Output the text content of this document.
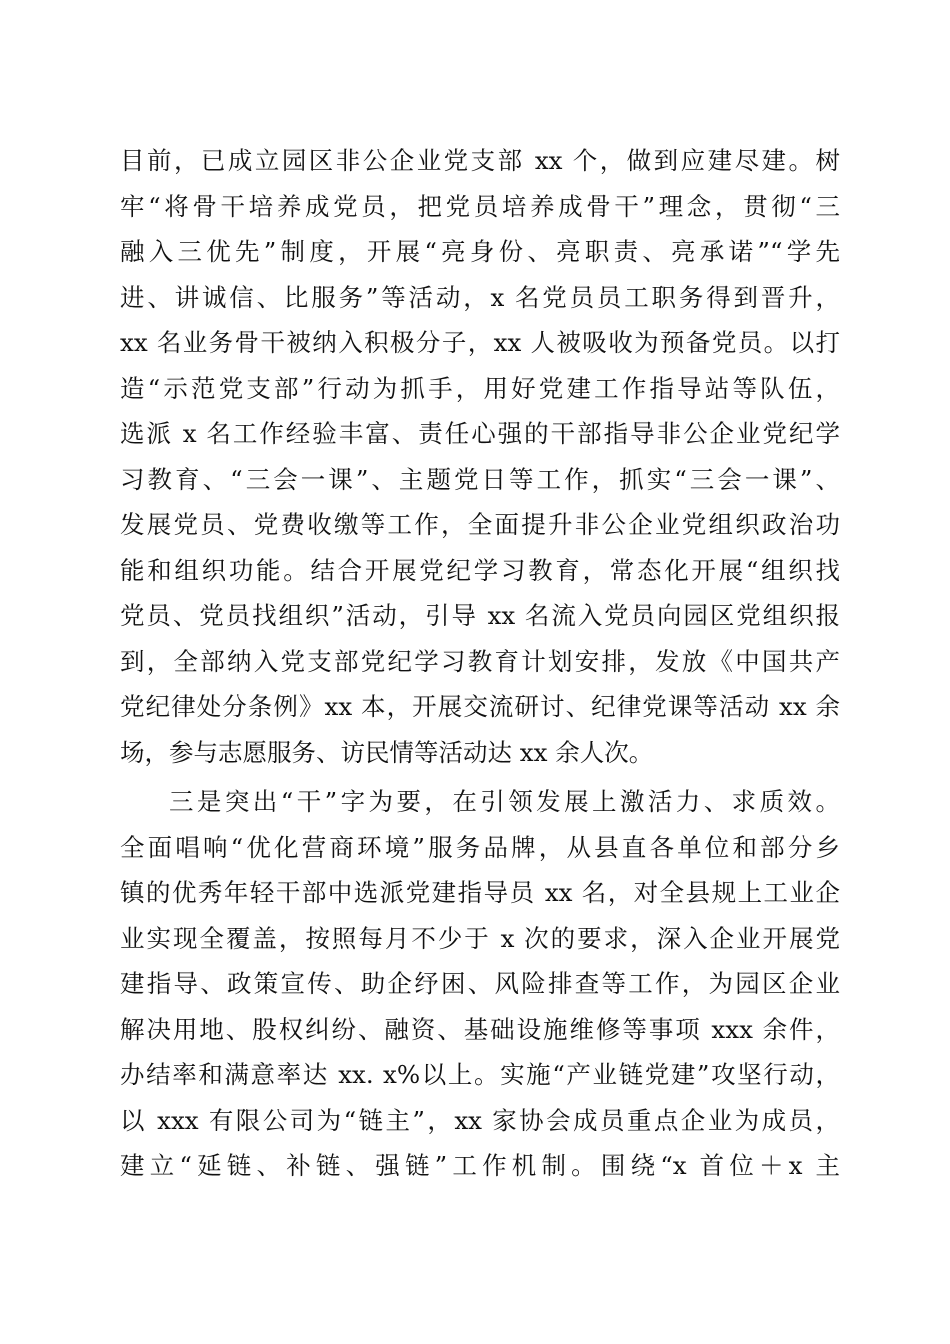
目前，已成立园区非公企业党支部 xx 个，做到应建尽建。树
牢“将骨干培养成党员，把党员培养成骨干”理念，贯彻“三
融入三优先”制度，开展“亮身份、亮职责、亮承诺”“学先
进、讲诚信、比服务”等活动，x 名党员员工职务得到晋升，
xx 名业务骨干被纳入积极分子，xx 人被吸收为预备党员。以打
造“示范党支部”行动为抓手，用好党建工作指导站等队伍，
选派 x 名工作经验丰富、责任心强的干部指导非公企业党纪学
习教育、“三会一课”、主题党日等工作，抓实“三会一课”、
发展党员、党费收缴等工作，全面提升非公企业党组织政治功
能和组织功能。结合开展党纪学习教育，常态化开展“组织找
党员、党员找组织”活动，引导 xx 名流入党员向园区党组织报
到，全部纳入党支部党纪学习教育计划安排，发放《中国共产
党纪律处分条例》xx 本，开展交流研讨、纪律党课等活动 xx 余
场，参与志愿服务、访民情等活动达 xx 余人次。
三是突出“干”字为要，在引领发展上激活力、求质效。
全面唱响“优化营商环境”服务品牌，从县直各单位和部分乡
镇的优秀年轻干部中选派党建指导员 xx 名，对全县规上工业企
业实现全覆盖，按照每月不少于 x 次的要求，深入企业开展党
建指导、政策宣传、助企纾困、风险排查等工作，为园区企业
解决用地、股权纠纷、融资、基础设施维修等事项 xxx 余件，
办结率和满意率达 xx. x%以上。实施“产业链党建”攻坚行动，
以 xxx 有限公司为“链主”，xx 家协会成员重点企业为成员，
建立“延链、补链、强链”工作机制。围绕“x 首位＋x 主
